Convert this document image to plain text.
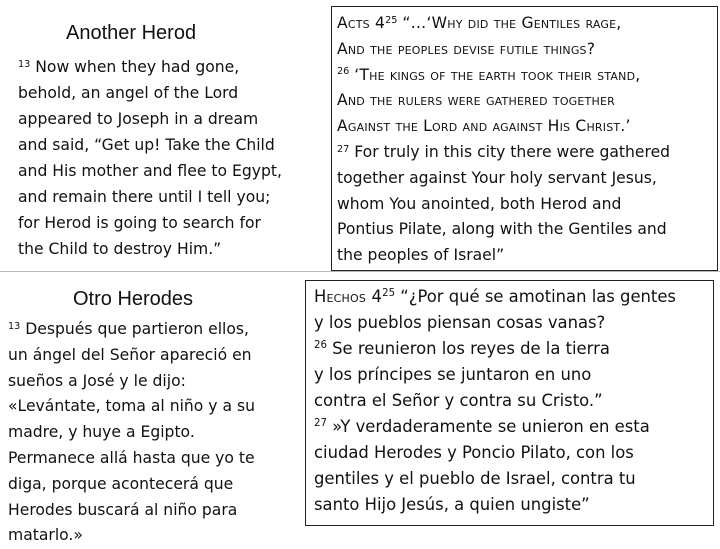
Another Herod

$^{13}$ Now when they had gone,
behold, an angel of the Lord
appeared to Joseph in a dream
and said, “Get up! Take the Child
and His mother and flee to Egypt,
and remain there until I tell you;
for Herod is going to search for
the Child to destroy Him.”

Acts $4^{25}$ “…‘Why did the Gentiles rage,
And the peoples devise futile things?
$^{26}$ ‘The kings of the earth took their stand,
And the rulers were gathered together
Against the Lord and against His Christ.’
$^{27}$ For truly in this city there were gathered
together against Your holy servant Jesus,
whom You anointed, both Herod and
Pontius Pilate, along with the Gentiles and
the peoples of Israel”

Otro Herodes

$^{13}$ Después que partieron ellos,
un ángel del Señor apareció en
sueños a José y le dijo:
«Levántate, toma al niño y a su
madre, y huye a Egipto.
Permanece allá hasta que yo te
diga, porque acontecerá que
Herodes buscará al niño para
matarlo.»

Hechos $4^{25}$ “¿Por qué se amotinan las gentes
y los pueblos piensan cosas vanas?
$^{26}$ Se reunieron los reyes de la tierra
y los príncipes se juntaron en uno
contra el Señor y contra su Cristo.”
$^{27}$ »Y verdaderamente se unieron en esta
ciudad Herodes y Poncio Pilato, con los
gentiles y el pueblo de Israel, contra tu
santo Hijo Jesús, a quien ungiste”
